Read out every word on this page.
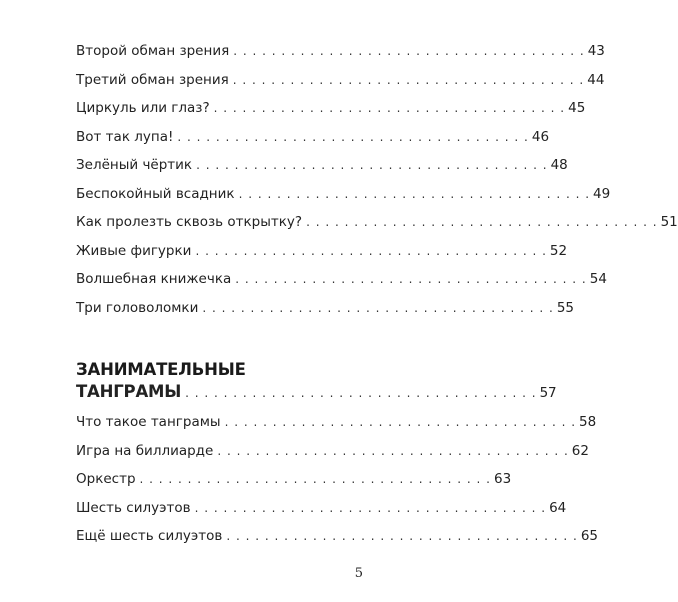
Второй обман зрения . . . . . . . . . . . . . . . . . . . . . . . . . . . . . . . . . . . . . 43
Третий обман зрения . . . . . . . . . . . . . . . . . . . . . . . . . . . . . . . . . . . . . 44
Циркуль или глаз? . . . . . . . . . . . . . . . . . . . . . . . . . . . . . . . . . . . . . 45
Вот так лупа! . . . . . . . . . . . . . . . . . . . . . . . . . . . . . . . . . . . . . 46
Зелёный чёртик . . . . . . . . . . . . . . . . . . . . . . . . . . . . . . . . . . . . . 48
Беспокойный всадник . . . . . . . . . . . . . . . . . . . . . . . . . . . . . . . . . . . . . 49
Как пролезть сквозь открытку? . . . . . . . . . . . . . . . . . . . . . . . . . . . . . . . . . . . . . 51
Живые фигурки . . . . . . . . . . . . . . . . . . . . . . . . . . . . . . . . . . . . . 52
Волшебная книжечка . . . . . . . . . . . . . . . . . . . . . . . . . . . . . . . . . . . . . 54
Три головоломки . . . . . . . . . . . . . . . . . . . . . . . . . . . . . . . . . . . . . 55
ЗАНИМАТЕЛЬНЫЕ
ТАНГРАМЫ . . . . . . . . . . . . . . . . . . . . . . . . . . . . . . . . . . . . . 57
Что такое танграмы . . . . . . . . . . . . . . . . . . . . . . . . . . . . . . . . . . . . . 58
Игра на биллиарде . . . . . . . . . . . . . . . . . . . . . . . . . . . . . . . . . . . . . 62
Оркестр . . . . . . . . . . . . . . . . . . . . . . . . . . . . . . . . . . . . . 63
Шесть силуэтов . . . . . . . . . . . . . . . . . . . . . . . . . . . . . . . . . . . . . 64
Ещё шесть силуэтов . . . . . . . . . . . . . . . . . . . . . . . . . . . . . . . . . . . . . 65
5
